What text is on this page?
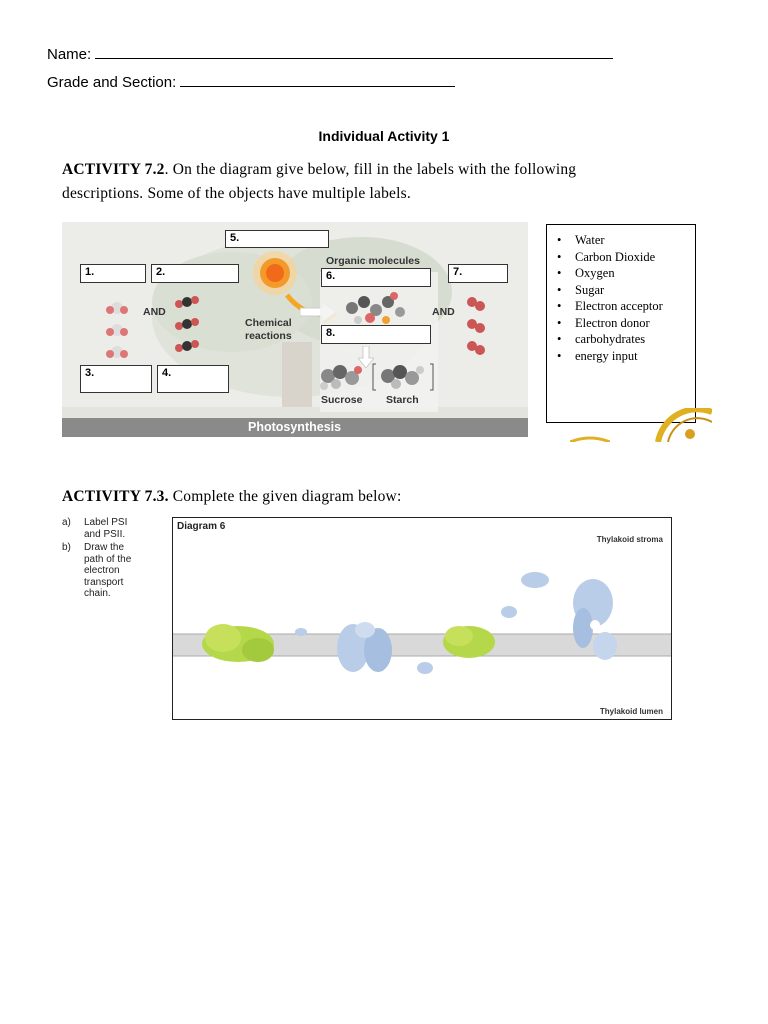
Name:
Grade and Section:
Individual Activity 1
ACTIVITY 7.2. On the diagram give below, fill in the labels with the following
descriptions. Some of the objects have multiple labels.
AND
Chemical
reactions
Organic molecules
Sucrose Starch
AND
Photosynthesis
5.
1.	2.	6.	7.
8.
3.	4.
• Water
• Carbon Dioxide
• Oxygen
• Sugar
• Electron acceptor
• Electron donor
• carbohydrates
• energy input
ACTIVITY 7.3. Complete the given diagram below:
a)	Label PSI
and PSII.
b)	Draw the
path of the
electron
transport
chain.
Diagram 6
Thylakoid stroma
Thylakoid lumen
